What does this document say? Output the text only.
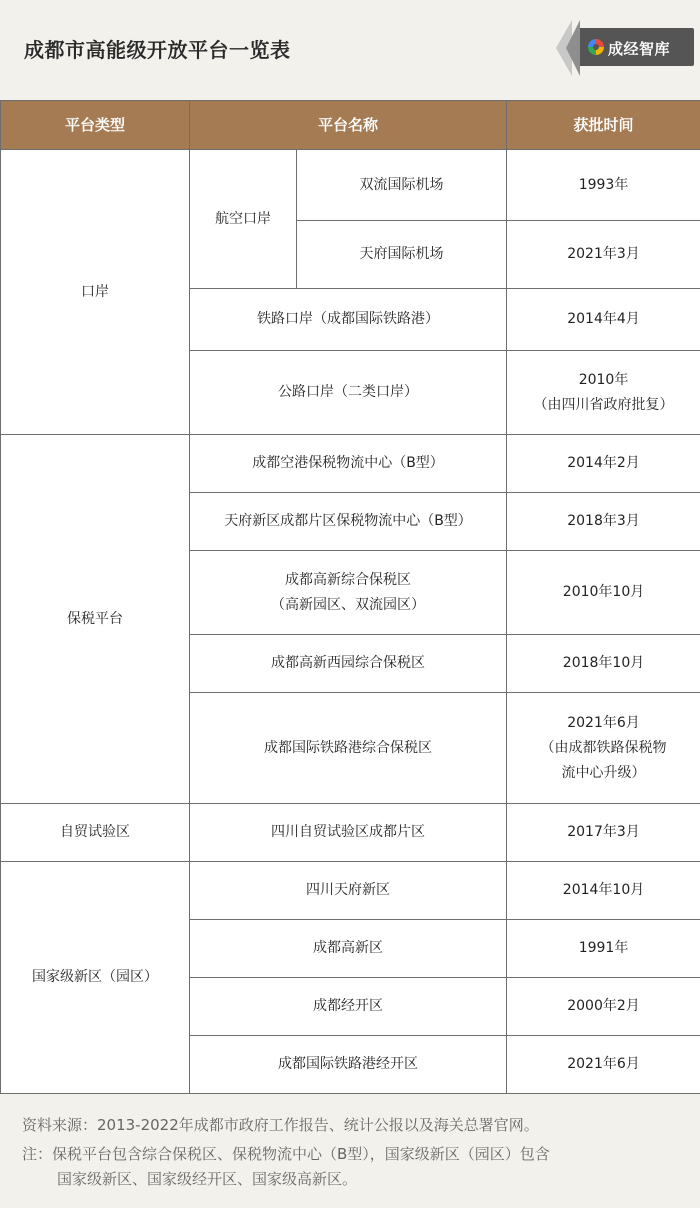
成都市高能级开放平台一览表	成经智库
平台类型	平台名称		获批时间
口岸	航空口岸	双流国际机场	1993年
		天府国际机场	2021年3月
	铁路口岸（成都国际铁路港）		2014年4月
	公路口岸（二类口岸）		2010年
（由四川省政府批复）

保税平台	成都空港保税物流中心（B型）		2014年2月
	天府新区成都片区保税物流中心（B型）		2018年3月

	成都高新综合保税区
（高新园区、双流园区）		2010年10月
	成都高新西园综合保税区		2018年10月
	成都国际铁路港综合保税区		2021年6月
（由成都铁路保税物
流中心升级）

自贸试验区	四川自贸试验区成都片区		2017年3月
国家级新区（园区）	四川天府新区		2014年10月
	成都高新区		1991年
	成都经开区		2000年2月
	成都国际铁路港经开区		2021年6月
资料来源：2013-2022年成都市政府工作报告、统计公报以及海关总署官网。
注：保税平台包含综合保税区、保税物流中心（B型），国家级新区（园区）包含
国家级新区、国家级经开区、国家级高新区。
